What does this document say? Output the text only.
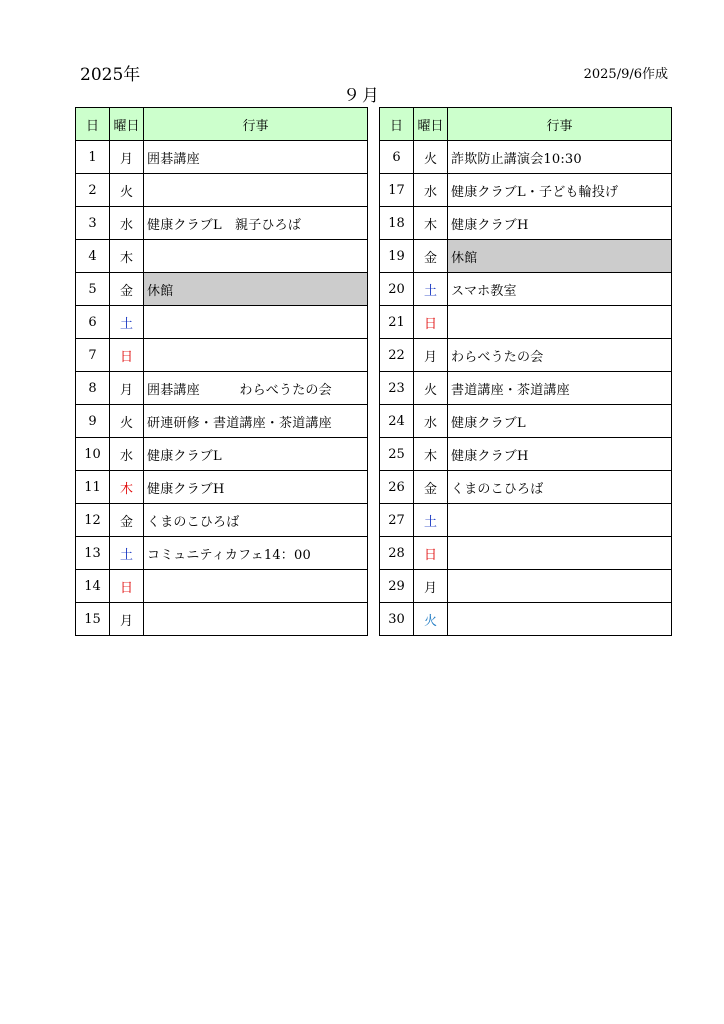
2025年
９月
2025/9/6作成
日	曜日	行事
1	月	囲碁講座
2	火	
3	水	健康クラブL　親子ひろば
4	木	
5	金	休館
6	土	
7	日	
8	月	囲碁講座　　　わらべうたの会
9	火	研連研修・書道講座・茶道講座
10	水	健康クラブL
11	木	健康クラブH
12	金	くまのこひろば
13	土	コミュニティカフェ14：00
14	日	
15	月	
日	曜日	行事
6	火	詐欺防止講演会10:30
17	水	健康クラブL・子ども輪投げ
18	木	健康クラブH
19	金	休館
20	土	スマホ教室
21	日	
22	月	わらべうたの会
23	火	書道講座・茶道講座
24	水	健康クラブL
25	木	健康クラブH
26	金	くまのこひろば
27	土	
28	日	
29	月	
30	火	
